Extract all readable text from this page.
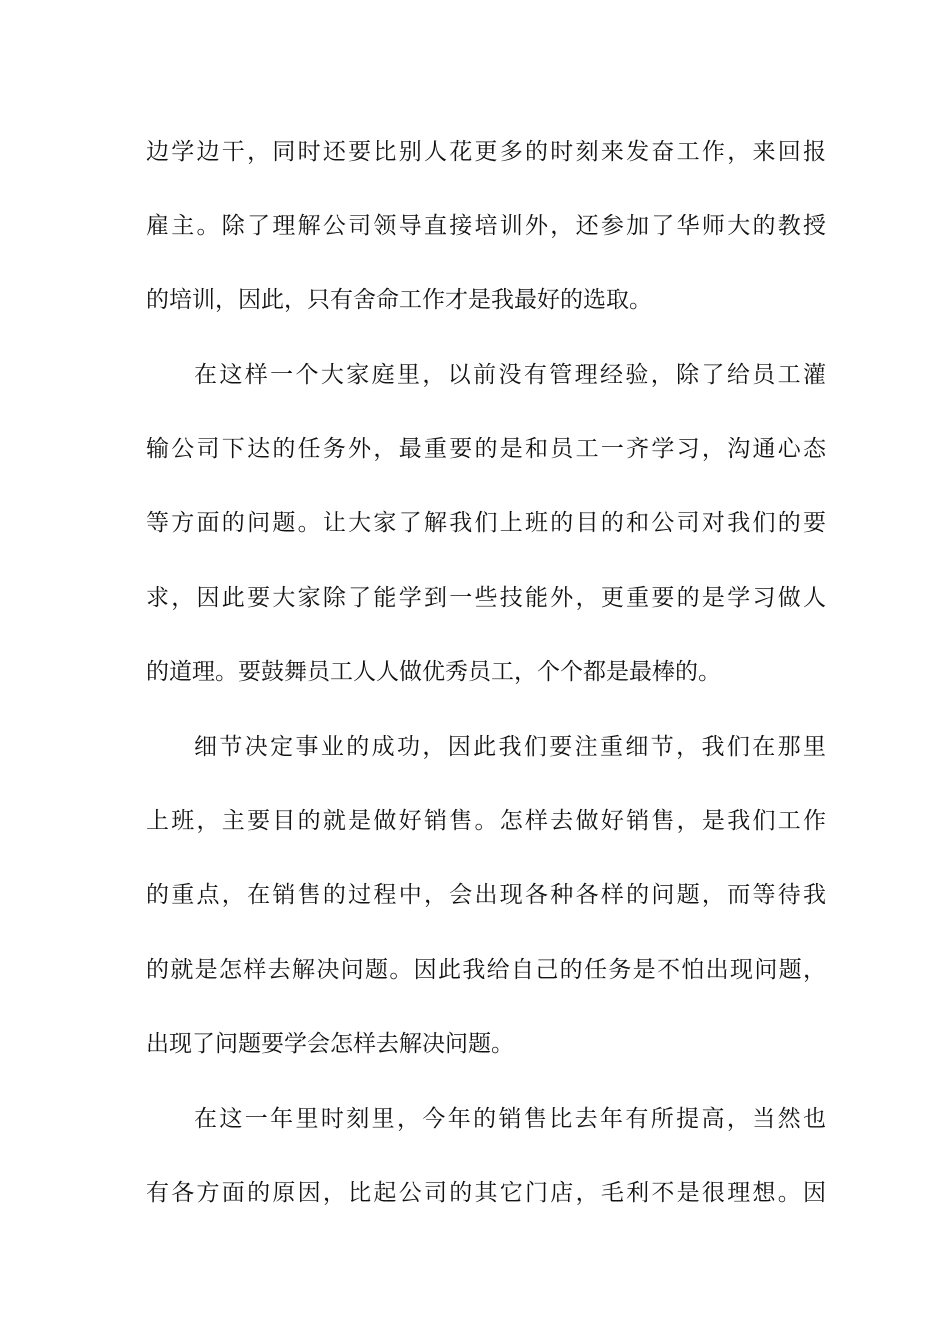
边学边干，同时还要比别人花更多的时刻来发奋工作，来回报

雇主。除了理解公司领导直接培训外，还参加了华师大的教授

的培训，因此，只有舍命工作才是我最好的选取。

在这样一个大家庭里，以前没有管理经验，除了给员工灌

输公司下达的任务外，最重要的是和员工一齐学习，沟通心态

等方面的问题。让大家了解我们上班的目的和公司对我们的要

求，因此要大家除了能学到一些技能外，更重要的是学习做人

的道理。要鼓舞员工人人做优秀员工，个个都是最棒的。

细节决定事业的成功，因此我们要注重细节，我们在那里

上班，主要目的就是做好销售。怎样去做好销售，是我们工作

的重点，在销售的过程中，会出现各种各样的问题，而等待我

的就是怎样去解决问题。因此我给自己的任务是不怕出现问题，

出现了问题要学会怎样去解决问题。

在这一年里时刻里，今年的销售比去年有所提高，当然也

有各方面的原因，比起公司的其它门店，毛利不是很理想。因
